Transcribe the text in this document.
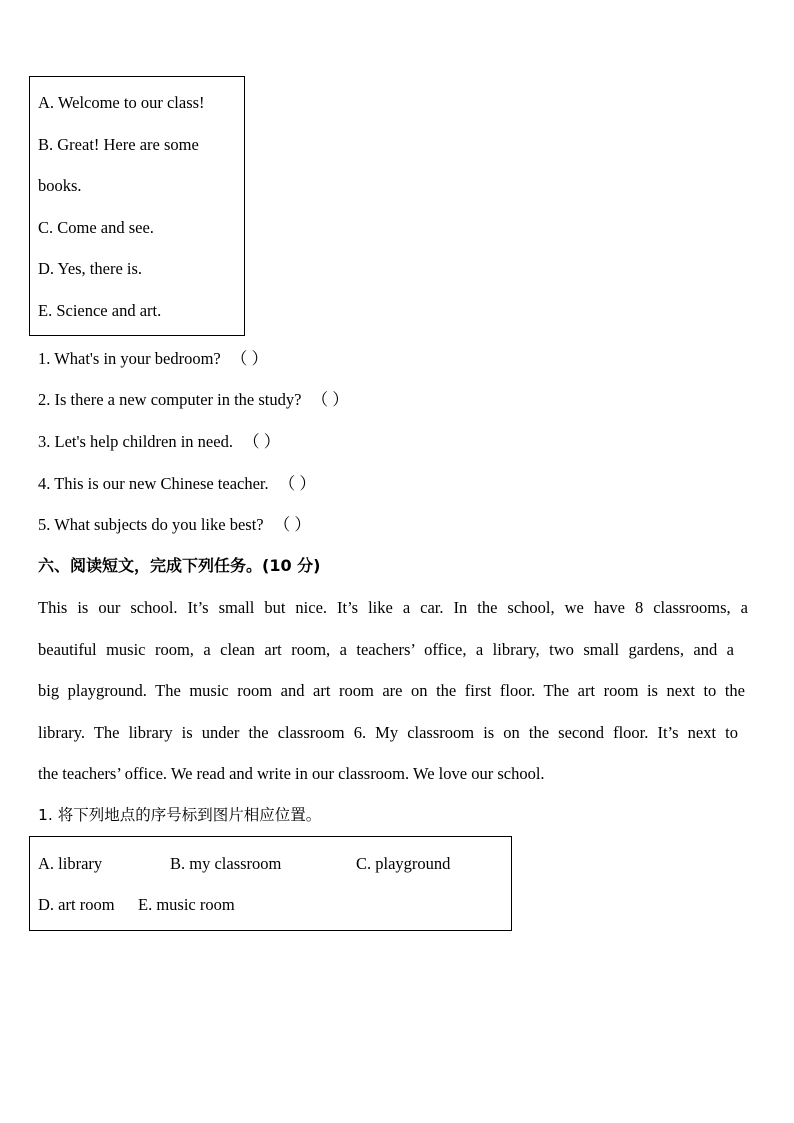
A. Welcome to our class!
B. Great! Here are some
books.
C. Come and see.
D. Yes, there is.
E. Science and art.
1. What's in your bedroom? （ ）
2. Is there a new computer in the study? （ ）
3. Let's help children in need. （ ）
4. This is our new Chinese teacher. （ ）
5. What subjects do you like best? （ ）
六、阅读短文，完成下列任务。(10 分)
This is our school. It’s small but nice. It’s like a car. In the school, we have 8 classrooms, a
beautiful music room, a clean art room, a teachers’ office, a library, two small gardens, and a
big playground. The music room and art room are on the first floor. The art room is next to the
library. The library is under the classroom 6. My classroom is on the second floor. It’s next to
the teachers’ office. We read and write in our classroom. We love our school.
1. 将下列地点的序号标到图片相应位置。
A. library	B. my classroom	C. playground
D. art room E. music room
